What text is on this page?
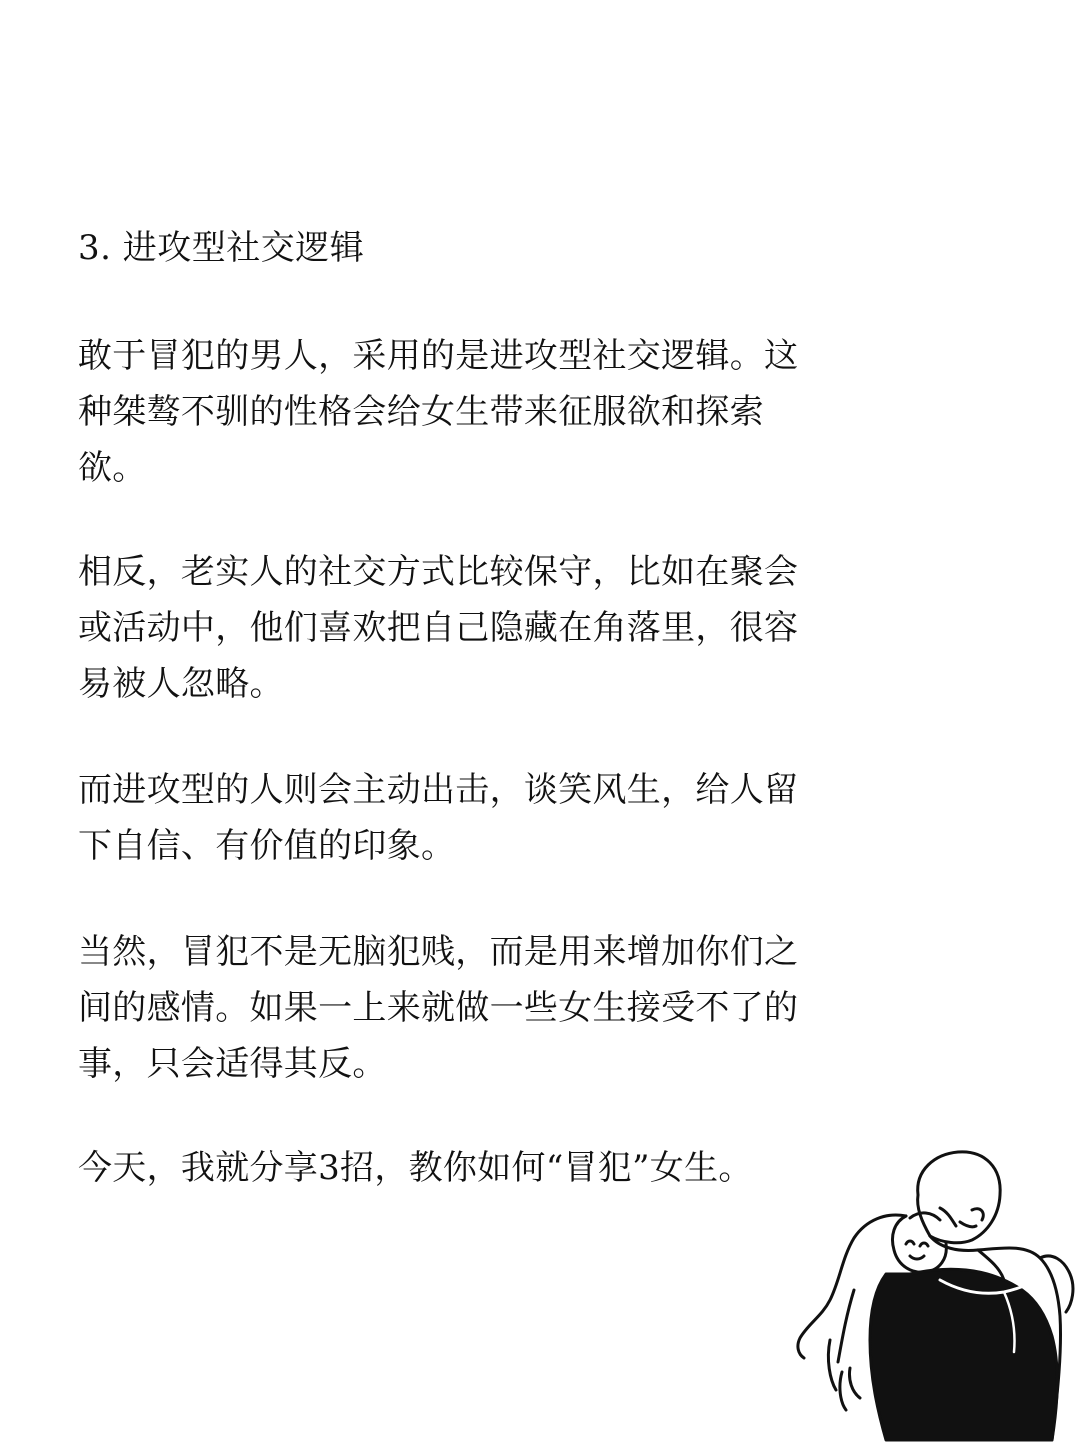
3. 进攻型社交逻辑

敢于冒犯的男人，采用的是进攻型社交逻辑。这
种桀骜不驯的性格会给女生带来征服欲和探索
欲。

相反，老实人的社交方式比较保守，比如在聚会
或活动中，他们喜欢把自己隐藏在角落里，很容
易被人忽略。

而进攻型的人则会主动出击，谈笑风生，给人留
下自信、有价值的印象。

当然，冒犯不是无脑犯贱，而是用来增加你们之
间的感情。如果一上来就做一些女生接受不了的
事，只会适得其反。

今天，我就分享3招，教你如何“冒犯”女生。
